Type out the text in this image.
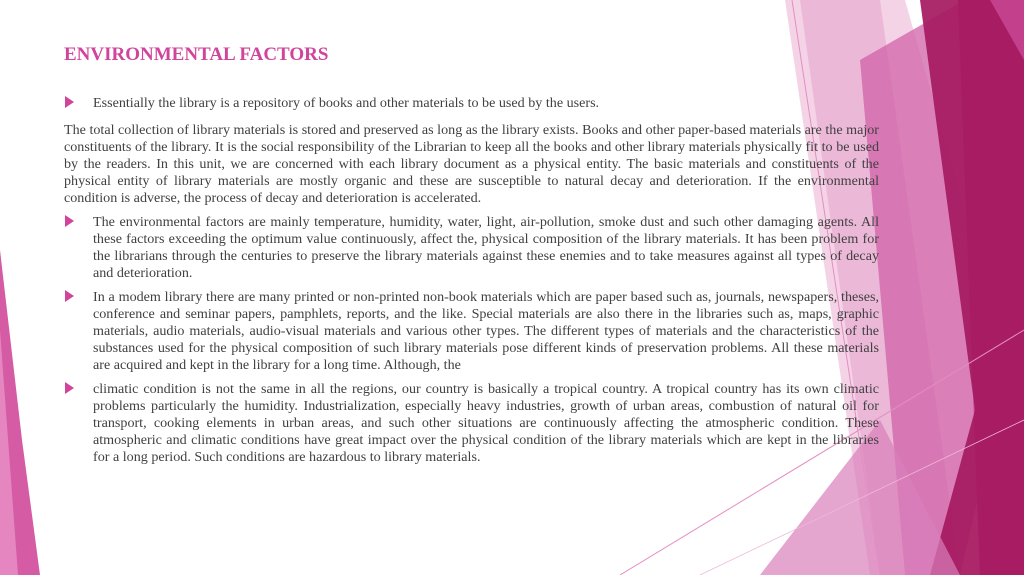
ENVIRONMENTAL FACTORS
Essentially the library is a repository of books and other materials to be used by the users.
The total collection of library materials is stored and preserved as long as the library exists. Books and other paper-based materials are the major constituents of the library. It is the social responsibility of the Librarian to keep all the books and other library materials physically fit to be used by the readers. In this unit, we are concerned with each library document as a physical entity. The basic materials and constituents of the physical entity of library materials are mostly organic and these are susceptible to natural decay and deterioration. If the environmental condition is adverse, the process of decay and deterioration is accelerated.
The environmental factors are mainly temperature, humidity, water, light, air-pollution, smoke dust and such other damaging agents. All these factors exceeding the optimum value continuously, affect the, physical composition of the library materials. It has been problem for the librarians through the centuries to preserve the library materials against these enemies and to take measures against all types of decay and deterioration.
In a modem library there are many printed or non-printed non-book materials which are paper based such as, journals, newspapers, theses, conference and seminar papers, pamphlets, reports, and the like. Special materials are also there in the libraries such as, maps, graphic materials, audio materials, audio-visual materials and various other types. The different types of materials and the characteristics of the substances used for the physical composition of such library materials pose different kinds of preservation problems. All these materials are acquired and kept in the library for a long time. Although, the
climatic condition is not the same in all the regions, our country is basically a tropical country. A tropical country has its own climatic problems particularly the humidity. Industrialization, especially heavy industries, growth of urban areas, combustion of natural oil for transport, cooking elements in urban areas, and such other situations are continuously affecting the atmospheric condition. These atmospheric and climatic conditions have great impact over the physical condition of the library materials which are kept in the libraries for a long period. Such conditions are hazardous to library materials.
